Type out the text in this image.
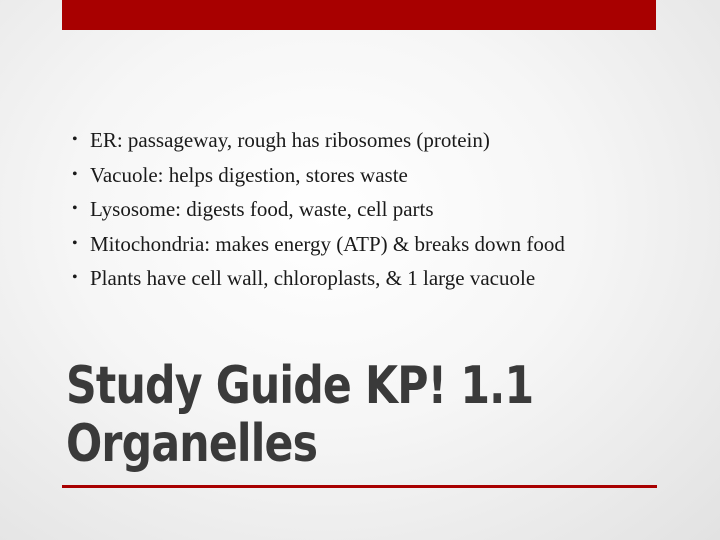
• ER: passageway, rough has ribosomes (protein)
• Vacuole: helps digestion, stores waste
• Lysosome: digests food, waste, cell parts
• Mitochondria: makes energy (ATP) & breaks down food
• Plants have cell wall, chloroplasts, & 1 large vacuole
Study Guide KP! 1.1
Organelles
